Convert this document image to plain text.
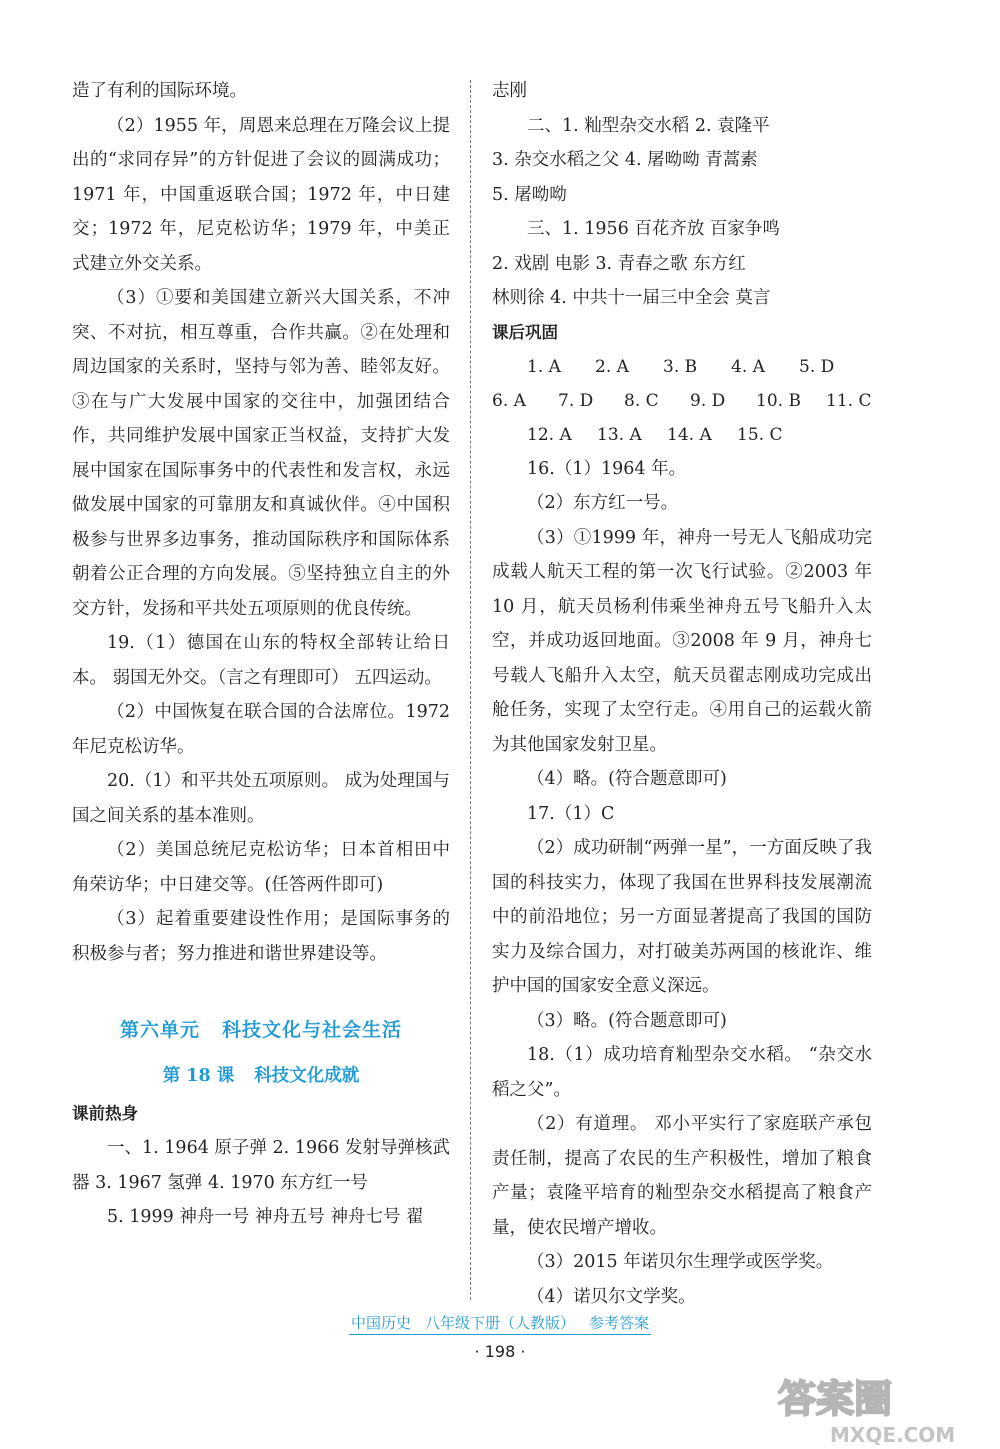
造了有利的国际环境。

（2）1955 年，周恩来总理在万隆会议上提出的“求同存异”的方针促进了会议的圆满成功；1971 年，中国重返联合国；1972 年，中日建交；1972 年，尼克松访华；1979 年，中美正式建立外交关系。

（3）①要和美国建立新兴大国关系，不冲突、不对抗，相互尊重，合作共赢。②在处理和周边国家的关系时，坚持与邻为善、睦邻友好。③在与广大发展中国家的交往中，加强团结合作，共同维护发展中国家正当权益，支持扩大发展中国家在国际事务中的代表性和发言权，永远做发展中国家的可靠朋友和真诚伙伴。④中国积极参与世界多边事务，推动国际秩序和国际体系朝着公正合理的方向发展。⑤坚持独立自主的外交方针，发扬和平共处五项原则的优良传统。

19.（1）德国在山东的特权全部转让给日本。 弱国无外交。（言之有理即可） 五四运动。

（2）中国恢复在联合国的合法席位。1972 年尼克松访华。

20.（1）和平共处五项原则。 成为处理国与国之间关系的基本准则。

（2）美国总统尼克松访华；日本首相田中角荣访华；中日建交等。(任答两件即可)

（3）起着重要建设性作用；是国际事务的积极参与者；努力推进和谐世界建设等。

第六单元 科技文化与社会生活
第 18 课 科技文化成就

课前热身

一、1. 1964 原子弹 2. 1966 发射导弹核武器 3. 1967 氢弹 4. 1970 东方红一号

5. 1999 神舟一号 神舟五号 神舟七号 翟

志刚

二、1. 籼型杂交水稻 2. 袁隆平

3. 杂交水稻之父 4. 屠呦呦 青蒿素

5. 屠呦呦

三、1. 1956 百花齐放 百家争鸣

2. 戏剧 电影 3. 青春之歌 东方红

林则徐 4. 中共十一届三中全会 莫言

课后巩固

1. A	2. A	3. B	4. A	5. D
6. A	7. D	8. C	9. D	10. B	11. C
12. A	13. A	14. A	15. C

16.（1）1964 年。

（2）东方红一号。

（3）①1999 年，神舟一号无人飞船成功完成载人航天工程的第一次飞行试验。②2003 年 10 月，航天员杨利伟乘坐神舟五号飞船升入太空，并成功返回地面。③2008 年 9 月，神舟七号载人飞船升入太空，航天员翟志刚成功完成出舱任务，实现了太空行走。④用自己的运载火箭为其他国家发射卫星。

（4）略。(符合题意即可)

17.（1）C

（2）成功研制“两弹一星”，一方面反映了我国的科技实力，体现了我国在世界科技发展潮流中的前沿地位；另一方面显著提高了我国的国防实力及综合国力，对打破美苏两国的核讹诈、维护中国的国家安全意义深远。

（3）略。(符合题意即可)

18.（1）成功培育籼型杂交水稻。 “杂交水稻之父”。

（2）有道理。 邓小平实行了家庭联产承包责任制，提高了农民的生产积极性，增加了粮食产量；袁隆平培育的籼型杂交水稻提高了粮食产量，使农民增产增收。

（3）2015 年诺贝尔生理学或医学奖。

（4）诺贝尔文学奖。

中国历史 八年级下册（人教版） 参考答案
· 198 ·
答案圈
MXQE.COM
